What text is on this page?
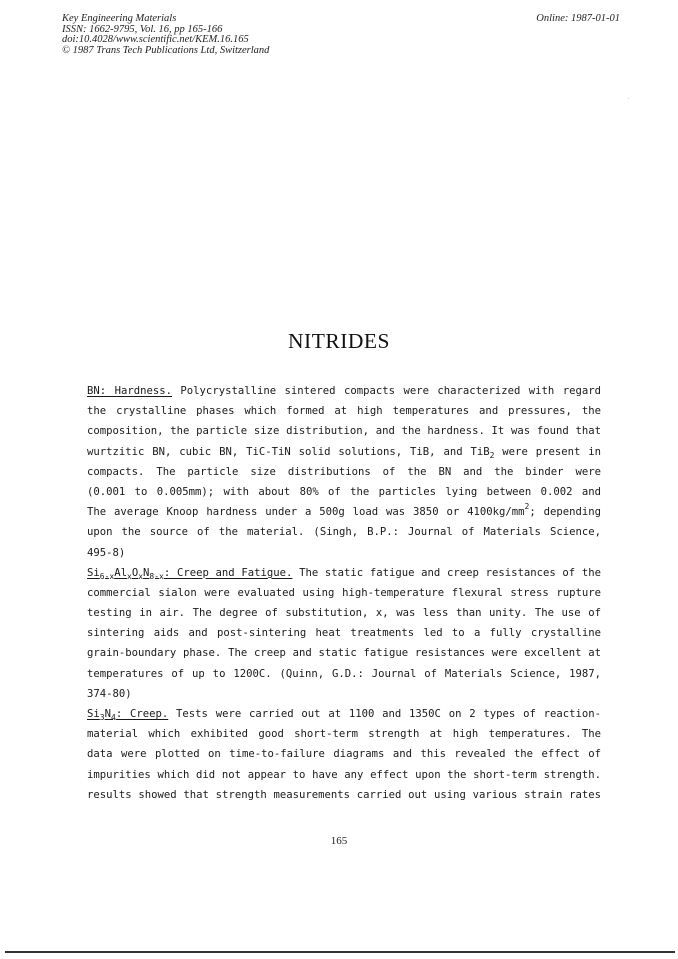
Key Engineering Materials
ISSN: 1662-9795, Vol. 16, pp 165-166
doi:10.4028/www.scientific.net/KEM.16.165
© 1987 Trans Tech Publications Ltd, Switzerland
Online: 1987-01-01
NITRIDES
BN: Hardness. Polycrystalline sintered compacts were characterized with regard
the crystalline phases which formed at high temperatures and pressures, the
composition, the particle size distribution, and the hardness. It was found that
wurtzitic BN, cubic BN, TiC-TiN solid solutions, TiB, and TiB$_2$ were present in
compacts. The particle size distributions of the BN and the binder were
(0.001 to 0.005mm); with about 80% of the particles lying between 0.002 and
The average Knoop hardness under a 500g load was 3850 or $4100kg/mm^2$; depending
upon the source of the material. (Singh, B.P.: Journal of Materials Science,
495-8)
$Si_{6-x}Al_xO_xN_{8-x}$: Creep and Fatigue. The static fatigue and creep resistances of the
commercial sialon were evaluated using high-temperature flexural stress rupture
testing in air. The degree of substitution, x, was less than unity. The use of
sintering aids and post-sintering heat treatments led to a fully crystalline
grain-boundary phase. The creep and static fatigue resistances were excellent at
temperatures of up to 1200C. (Quinn, G.D.: Journal of Materials Science, 1987,
374-80)
$Si_3N_4$: Creep. Tests were carried out at 1100 and 1350C on 2 types of reaction-
material which exhibited good short-term strength at high temperatures. The
data were plotted on time-to-failure diagrams and this revealed the effect of
impurities which did not appear to have any effect upon the short-term strength.
results showed that strength measurements carried out using various strain rates
165
